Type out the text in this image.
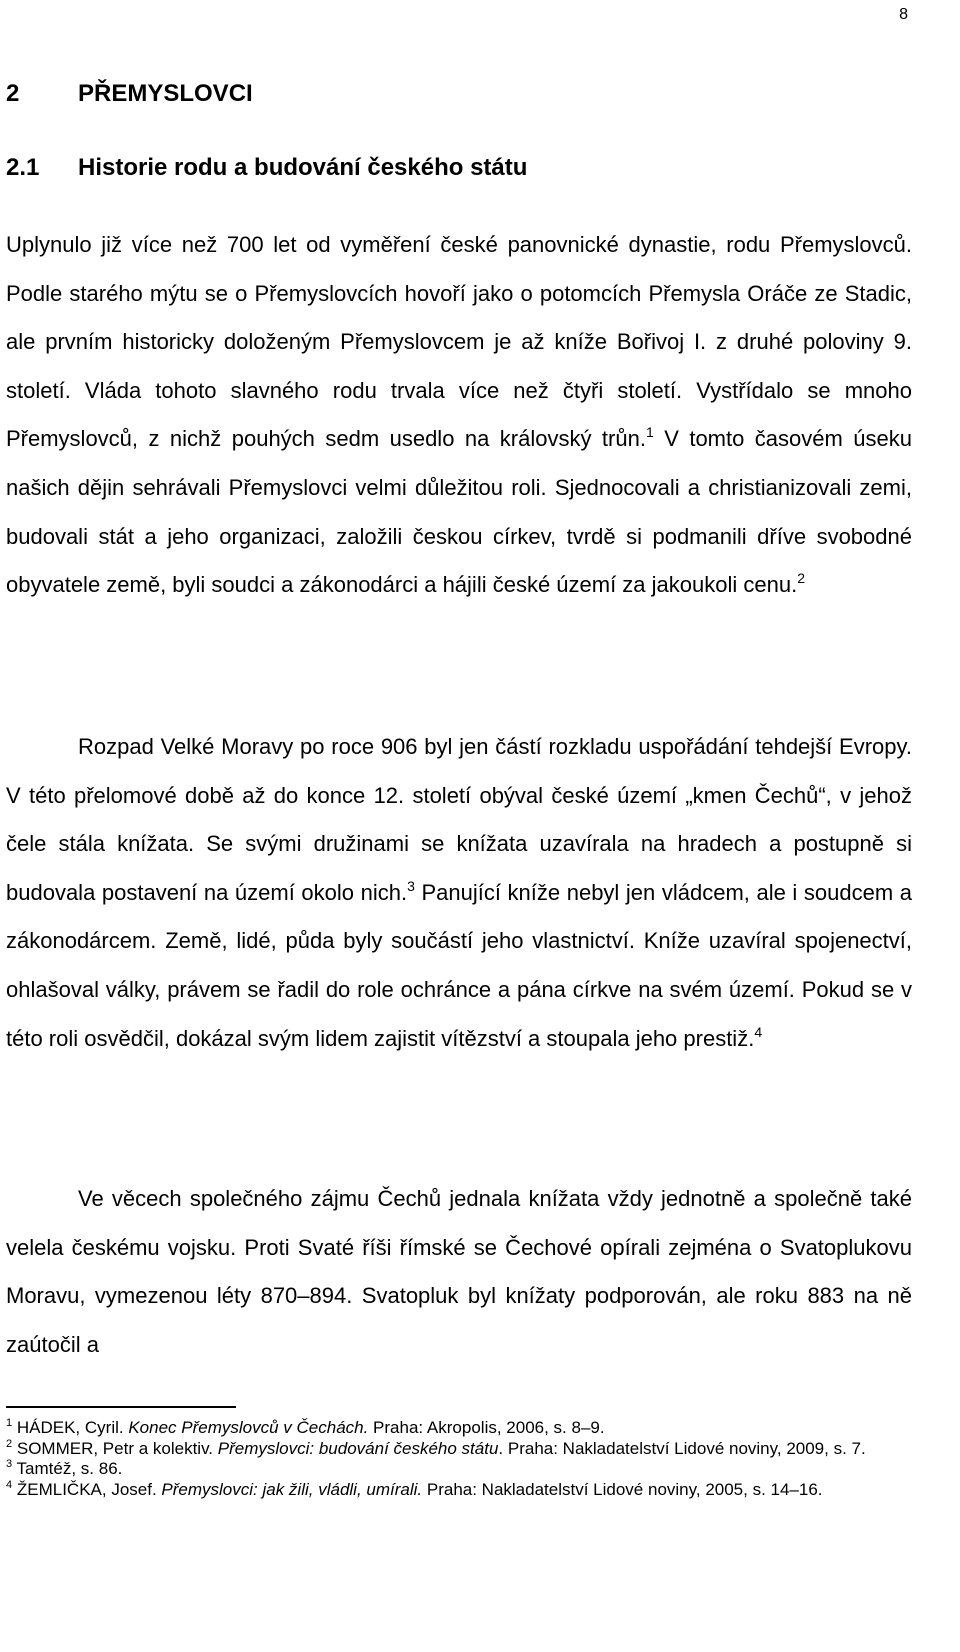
8
2 PŘEMYSLOVCI
2.1 Historie rodu a budování českého státu

Uplynulo již více než 700 let od vyměření české panovnické dynastie, rodu Přemyslovců. Podle starého mýtu se o Přemyslovcích hovoří jako o potomcích Přemysla Oráče ze Stadic, ale prvním historicky doloženým Přemyslovcem je až kníže Bořivoj I. z druhé poloviny 9. století. Vláda tohoto slavného rodu trvala více než čtyři století. Vystřídalo se mnoho Přemyslovců, z nichž pouhých sedm usedlo na královský trůn.$^1$ V tomto časovém úseku našich dějin sehrávali Přemyslovci velmi důležitou roli. Sjednocovali a christianizovali zemi, budovali stát a jeho organizaci, založili českou církev, tvrdě si podmanili dříve svobodné obyvatele země, byli soudci a zákonodárci a hájili české území za jakoukoli cenu.$^2$

Rozpad Velké Moravy po roce 906 byl jen částí rozkladu uspořádání tehdejší Evropy. V této přelomové době až do konce 12. století obýval české území „kmen Čechů“, v jehož čele stála knížata. Se svými družinami se knížata uzavírala na hradech a postupně si budovala postavení na území okolo nich.$^3$ Panující kníže nebyl jen vládcem, ale i soudcem a zákonodárcem. Země, lidé, půda byly součástí jeho vlastnictví. Kníže uzavíral spojenectví, ohlašoval války, právem se řadil do role ochránce a pána církve na svém území. Pokud se v této roli osvědčil, dokázal svým lidem zajistit vítězství a stoupala jeho prestiž.$^4$

Ve věcech společného zájmu Čechů jednala knížata vždy jednotně a společně také velela českému vojsku. Proti Svaté říši římské se Čechové opírali zejména o Svatoplukovu Moravu, vymezenou léty 870–894. Svatopluk byl knížaty podporován, ale roku 883 na ně zaútočil a

$^1$ HÁDEK, Cyril. Konec Přemyslovců v Čechách. Praha: Akropolis, 2006, s. 8–9.

$^2$ SOMMER, Petr a kolektiv. Přemyslovci: budování českého státu. Praha: Nakladatelství Lidové noviny, 2009, s. 7.

$^3$ Tamtéž, s. 86.

$^4$ ŽEMLIČKA, Josef. Přemyslovci: jak žili, vládli, umírali. Praha: Nakladatelství Lidové noviny, 2005, s. 14–16.
